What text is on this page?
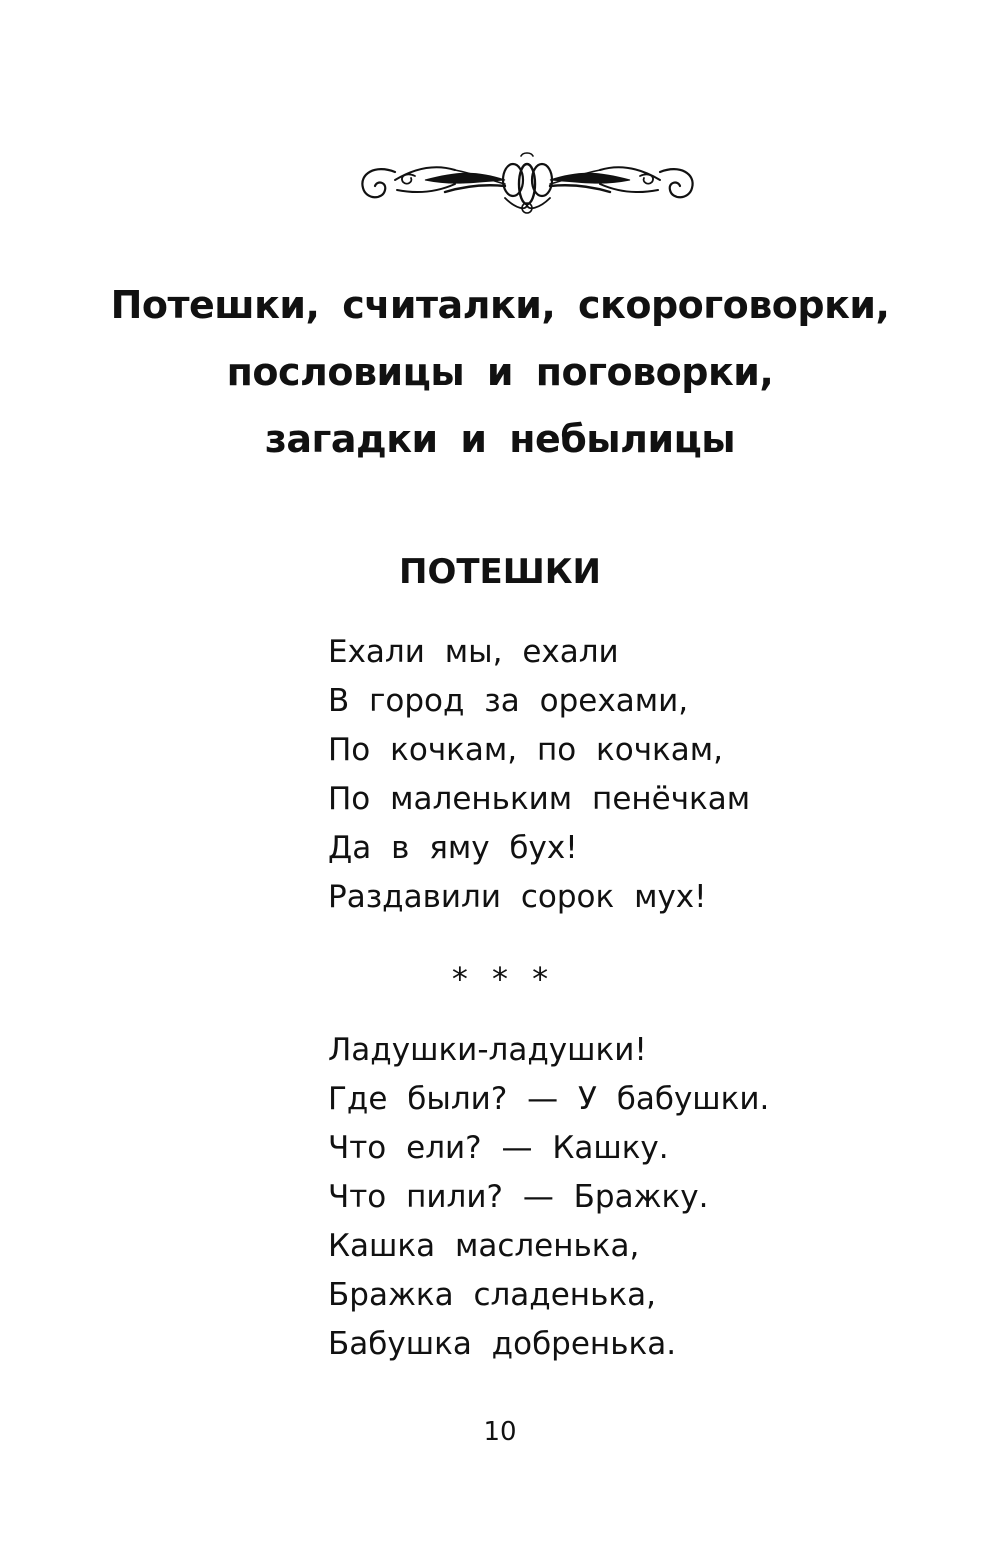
Потешки, считалки, скороговорки,
пословицы и поговорки,
загадки и небылицы
ПОТЕШКИ
Ехали мы, ехали
В город за орехами,
По кочкам, по кочкам,
По маленьким пенёчкам
Да в яму бух!
Раздавили сорок мух!
* * *
Ладушки-ладушки!
Где были? — У бабушки.
Что ели? — Кашку.
Что пили? — Бражку.
Кашка масленька,
Бражка сладенька,
Бабушка добренька.
10
